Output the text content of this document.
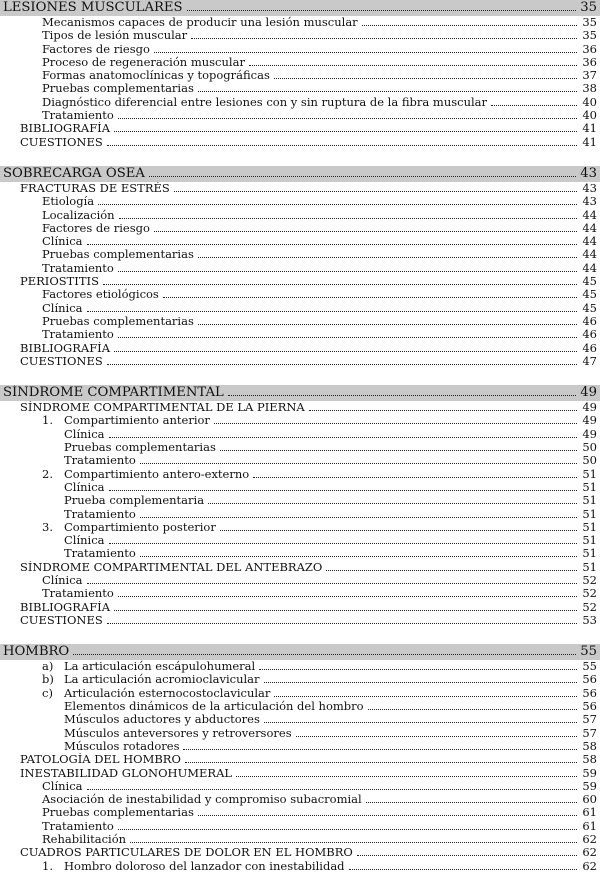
LESIONES MUSCULARES	35
Mecanismos capaces de producir una lesión muscular	35
Tipos de lesión muscular	35
Factores de riesgo	36
Proceso de regeneración muscular	36
Formas anatomoclínicas y topográficas	37
Pruebas complementarias	38
Diagnóstico diferencial entre lesiones con y sin ruptura de la fibra muscular	40
Tratamiento	40
BIBLIOGRAFÍA	41
CUESTIONES	41
SOBRECARGA ÓSEA	43
FRACTURAS DE ESTRÉS	43
Etiología	43
Localización	44
Factores de riesgo	44
Clínica	44
Pruebas complementarias	44
Tratamiento	44
PERIOSTITIS	45
Factores etiológicos	45
Clínica	45
Pruebas complementarias	46
Tratamiento	46
BIBLIOGRAFÍA	46
CUESTIONES	47
SÍNDROME COMPARTIMENTAL	49
SÍNDROME COMPARTIMENTAL DE LA PIERNA	49
1. Compartimiento anterior	49
Clínica	49
Pruebas complementarias	50
Tratamiento	50
2. Compartimiento antero-externo	51
Clínica	51
Prueba complementaria	51
Tratamiento	51
3. Compartimiento posterior	51
Clínica	51
Tratamiento	51
SÍNDROME COMPARTIMENTAL DEL ANTEBRAZO	51
Clínica	52
Tratamiento	52
BIBLIOGRAFÍA	52
CUESTIONES	53
HOMBRO	55
a) La articulación escápulohumeral	55
b) La articulación acromioclavicular	56
c) Articulación esternocostoclavicular	56
Elementos dinámicos de la articulación del hombro	56
Músculos aductores y abductores	57
Músculos anteversores y retroversores	57
Músculos rotadores	58
PATOLOGÍA DEL HOMBRO	58
INESTABILIDAD GLONOHUMERAL	59
Clínica	59
Asociación de inestabilidad y compromiso subacromial	60
Pruebas complementarias	61
Tratamiento	61
Rehabilitación	62
CUADROS PARTICULARES DE DOLOR EN EL HOMBRO	62
1. Hombro doloroso del lanzador con inestabilidad	62
